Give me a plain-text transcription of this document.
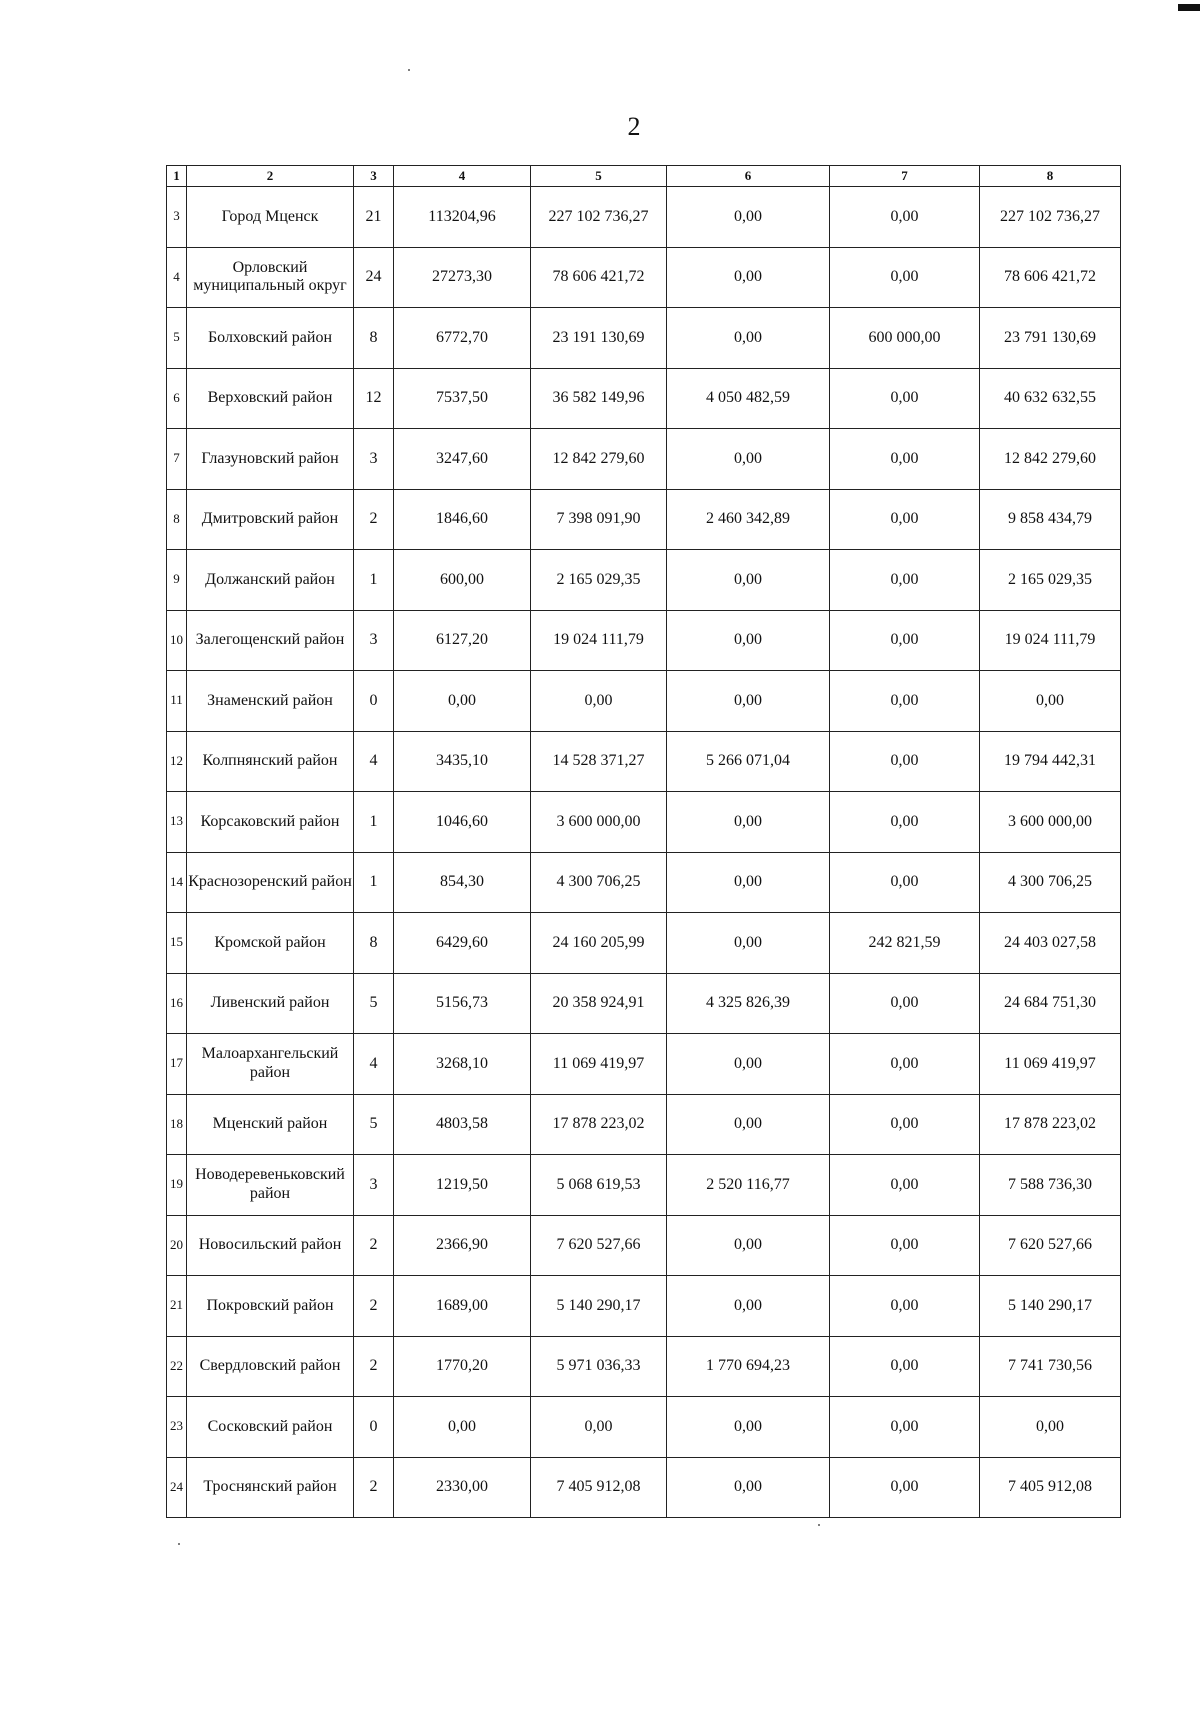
2
1	2	3	4	5	6	7	8
3	Город Мценск	21	113204,96	227 102 736,27	0,00	0,00	227 102 736,27
4	Орловский муниципальный округ	24	27273,30	78 606 421,72	0,00	0,00	78 606 421,72
5	Болховский район	8	6772,70	23 191 130,69	0,00	600 000,00	23 791 130,69
6	Верховский район	12	7537,50	36 582 149,96	4 050 482,59	0,00	40 632 632,55
7	Глазуновский район	3	3247,60	12 842 279,60	0,00	0,00	12 842 279,60
8	Дмитровский район	2	1846,60	7 398 091,90	2 460 342,89	0,00	9 858 434,79
9	Должанский район	1	600,00	2 165 029,35	0,00	0,00	2 165 029,35
10	Залегощенский район	3	6127,20	19 024 111,79	0,00	0,00	19 024 111,79
11	Знаменский район	0	0,00	0,00	0,00	0,00	0,00
12	Колпнянский район	4	3435,10	14 528 371,27	5 266 071,04	0,00	19 794 442,31
13	Корсаковский район	1	1046,60	3 600 000,00	0,00	0,00	3 600 000,00
14	Краснозоренский район	1	854,30	4 300 706,25	0,00	0,00	4 300 706,25
15	Кромской район	8	6429,60	24 160 205,99	0,00	242 821,59	24 403 027,58
16	Ливенский район	5	5156,73	20 358 924,91	4 325 826,39	0,00	24 684 751,30
17	Малоархангельский район	4	3268,10	11 069 419,97	0,00	0,00	11 069 419,97
18	Мценский район	5	4803,58	17 878 223,02	0,00	0,00	17 878 223,02
19	Новодеревеньковский район	3	1219,50	5 068 619,53	2 520 116,77	0,00	7 588 736,30
20	Новосильский район	2	2366,90	7 620 527,66	0,00	0,00	7 620 527,66
21	Покровский район	2	1689,00	5 140 290,17	0,00	0,00	5 140 290,17
22	Свердловский район	2	1770,20	5 971 036,33	1 770 694,23	0,00	7 741 730,56
23	Сосковский район	0	0,00	0,00	0,00	0,00	0,00
24	Троснянский район	2	2330,00	7 405 912,08	0,00	0,00	7 405 912,08
